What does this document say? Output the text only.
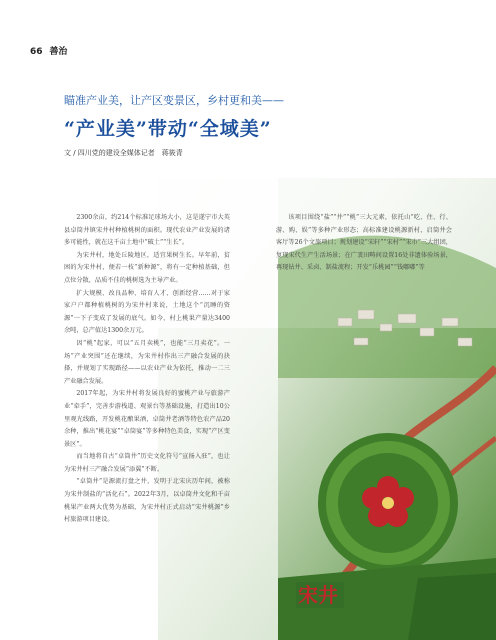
66 善治
瞄准产业美，让产区变景区，乡村更和美——
“产业美”带动“全域美”
文 / 四川党的建设全媒体记者　蒋筱青
宋井

2300余亩，约214个标准足球场大小，这是遂宁市大英县卓筒井镇宋井村种植桃树的面积。现代农业产业发展的诸多可能性，就在这千亩土地中“破土”“生长”。

为宋井村，地处丘陵地区，适宜果树生长。早年前，贫困的为宋井村，便若一枝“新种源”，将有一定种植基础，但点位分散，品质不佳的桃树选为主导产业。

扩大规模、改良品种、培育人才、创新经营……对于家家户户都种植桃树的为宋井村来说，土地这个“沉睡的资源”一下子变成了发展的底气。如今，村上桃果产量达3400余吨，总产值达1300余万元。

因“桃”起家，可以“五月卖桃”，也能“三月卖花”。一场“产业突围”还在继续，为宋井村作出三产融合发展的抉择，并规划了实现路径——以农业产业为依托，推动一二三产业融合发展。

2017年起，为宋井村将发展良好的蜜桃产业与旅游产业“牵手”，完善步游栈道、观景台等基础设施，打造出10公里观光线路，开发桃花酿果酒，卓筒井老酒等特色农产品20余种，推出“桃花宴”“卓筒宴”等多种特色美食，实现“产区变景区”。

而当地将自古“卓筒井”历史文化符号“宣扬入驻”，也让为宋井村三产融合发展“添翼”不断。

“卓筒井”是源流打盘之井，发明于北宋庆历年间，被称为宋井制盐的“活化石”。2022年3月，以卓筒井文化和千亩桃果产业两大优势为基础，为宋井村正式启动“宋井桃源”乡村旅游项目建设。

该项目围绕“盐”“井”“桃”三大元素，依托山“吃、住、行、游、购、娱”等多种产业形态；高标准建设桃源新村，启筒井会客厅等26个文旅项目；规划建设“宋轩”“宋村”“宋市”三大组团，复现宋代生产生活场景；在广袤田畴间设置16处非遗体验场景，再现钻井、采卤、制盐流程；开发“乐桃园”“钱嘟嘟”等
